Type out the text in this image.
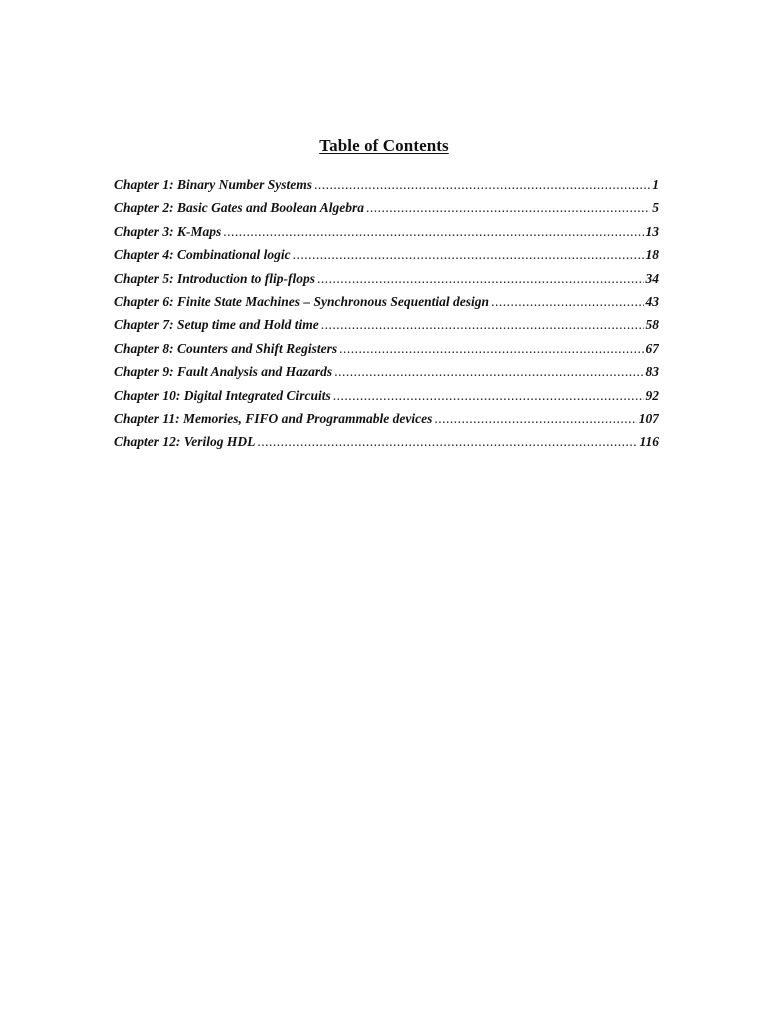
Table of Contents
Chapter 1: Binary Number Systems .....	1
Chapter 2: Basic Gates and Boolean Algebra .....	5
Chapter 3: K-Maps .....	13
Chapter 4: Combinational logic .....	18
Chapter 5: Introduction to flip-flops .....	34
Chapter 6: Finite State Machines – Synchronous Sequential design .....	43
Chapter 7: Setup time and Hold time .....	58
Chapter 8: Counters and Shift Registers .....	67
Chapter 9: Fault Analysis and Hazards .....	83
Chapter 10: Digital Integrated Circuits .....	92
Chapter 11: Memories, FIFO and Programmable devices .....	107
Chapter 12: Verilog HDL .....	116
